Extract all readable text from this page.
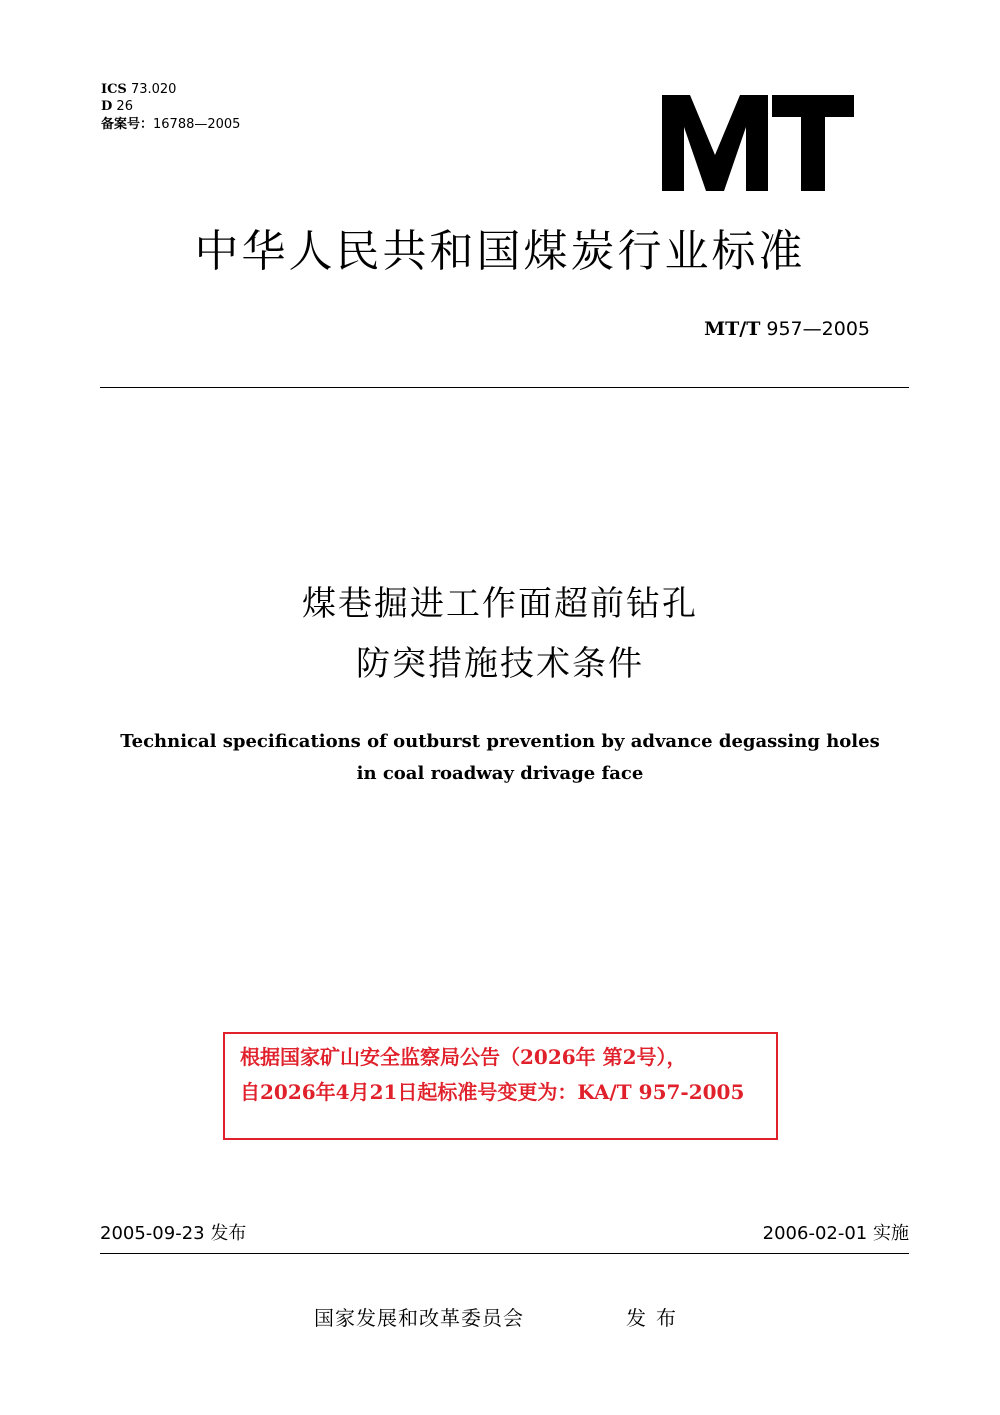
ICS 73.020
D 26
备案号：16788—2005
中华人民共和国煤炭行业标准
MT/T 957—2005
煤巷掘进工作面超前钻孔
防突措施技术条件
Technical specifications of outburst prevention by advance degassing holes
in coal roadway drivage face
根据国家矿山安全监察局公告（2026年 第2号），
自2026年4月21日起标准号变更为：KA/T 957-2005
2005-09-23 发布	2006-02-01 实施
国家发展和改革委员会	发布
